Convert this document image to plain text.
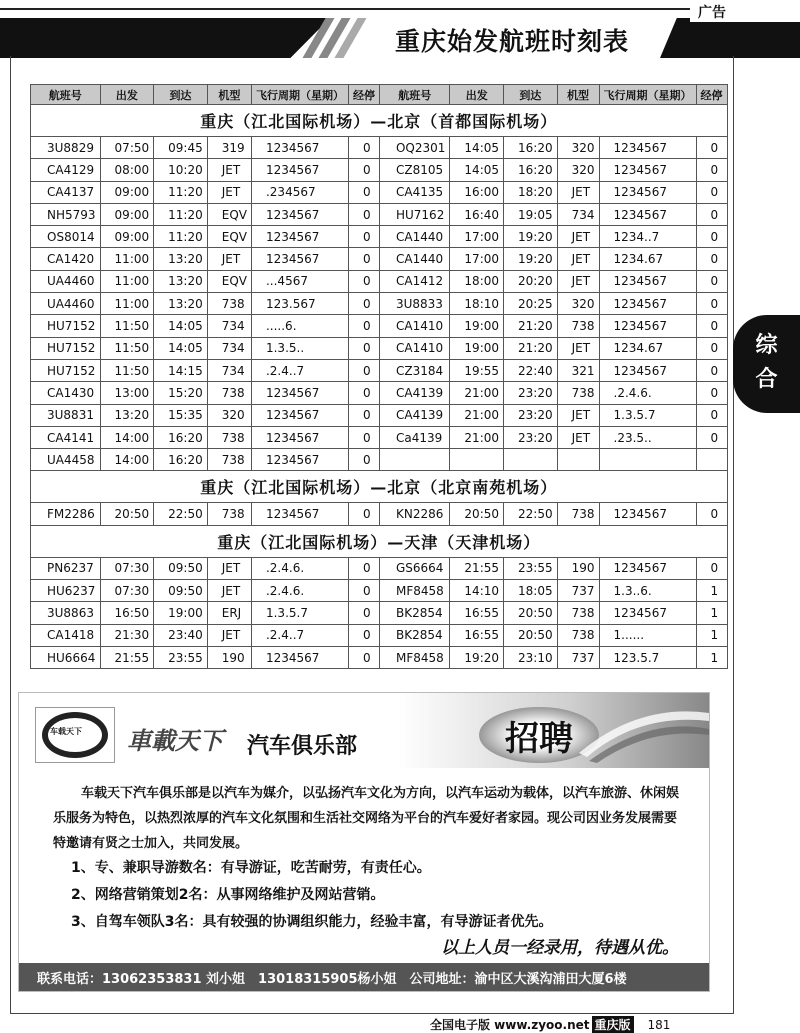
重庆始发航班时刻表
广告
综
合
航班号	出发	到达	机型	飞行周期（星期）	经停	航班号	出发	到达	机型	飞行周期（星期）	经停
重庆（江北国际机场）—北京（首都国际机场）											
3U8829	07:50	09:45	319	1234567	0	OQ2301	14:05	16:20	320	1234567	0
CA4129	08:00	10:20	JET	1234567	0	CZ8105	14:05	16:20	320	1234567	0
CA4137	09:00	11:20	JET	.234567	0	CA4135	16:00	18:20	JET	1234567	0
NH5793	09:00	11:20	EQV	1234567	0	HU7162	16:40	19:05	734	1234567	0
OS8014	09:00	11:20	EQV	1234567	0	CA1440	17:00	19:20	JET	1234..7	0
CA1420	11:00	13:20	JET	1234567	0	CA1440	17:00	19:20	JET	1234.67	0
UA4460	11:00	13:20	EQV	...4567	0	CA1412	18:00	20:20	JET	1234567	0
UA4460	11:00	13:20	738	123.567	0	3U8833	18:10	20:25	320	1234567	0
HU7152	11:50	14:05	734	.....6.	0	CA1410	19:00	21:20	738	1234567	0
HU7152	11:50	14:05	734	1.3.5..	0	CA1410	19:00	21:20	JET	1234.67	0
HU7152	11:50	14:15	734	.2.4..7	0	CZ3184	19:55	22:40	321	1234567	0
CA1430	13:00	15:20	738	1234567	0	CA4139	21:00	23:20	738	.2.4.6.	0
3U8831	13:20	15:35	320	1234567	0	CA4139	21:00	23:20	JET	1.3.5.7	0
CA4141	14:00	16:20	738	1234567	0	Ca4139	21:00	23:20	JET	.23.5..	0
UA4458	14:00	16:20	738	1234567	0						
重庆（江北国际机场）—北京（北京南苑机场）											
FM2286	20:50	22:50	738	1234567	0	KN2286	20:50	22:50	738	1234567	0
重庆（江北国际机场）—天津（天津机场）											
PN6237	07:30	09:50	JET	.2.4.6.	0	GS6664	21:55	23:55	190	1234567	0
HU6237	07:30	09:50	JET	.2.4.6.	0	MF8458	14:10	18:05	737	1.3..6.	1
3U8863	16:50	19:00	ERJ	1.3.5.7	0	BK2854	16:55	20:50	738	1234567	1
CA1418	21:30	23:40	JET	.2.4..7	0	BK2854	16:55	20:50	738	1......	1
HU6664	21:55	23:55	190	1234567	0	MF8458	19:20	23:10	737	123.5.7	1
车载天下 車載天下 汽车俱乐部	招聘
车载天下汽车俱乐部是以汽车为媒介，以弘扬汽车文化为方向，以汽车运动为载体，以汽车旅游、休闲娱乐服务为特色，以热烈浓厚的汽车文化氛围和生活社交网络为平台的汽车爱好者家园。现公司因业务发展需要特邀请有贤之士加入，共同发展。
1、专、兼职导游数名：有导游证，吃苦耐劳，有责任心。
2、网络营销策划2名：从事网络维护及网站营销。
3、自驾车领队3名：具有较强的协调组织能力，经验丰富，有导游证者优先。
以上人员一经录用，待遇从优。
联系电话：13062353831 刘小姐　13018315905杨小姐　公司地址：渝中区大溪沟浦田大厦6楼
全国电子版 www.zyoo.net 重庆版 181
